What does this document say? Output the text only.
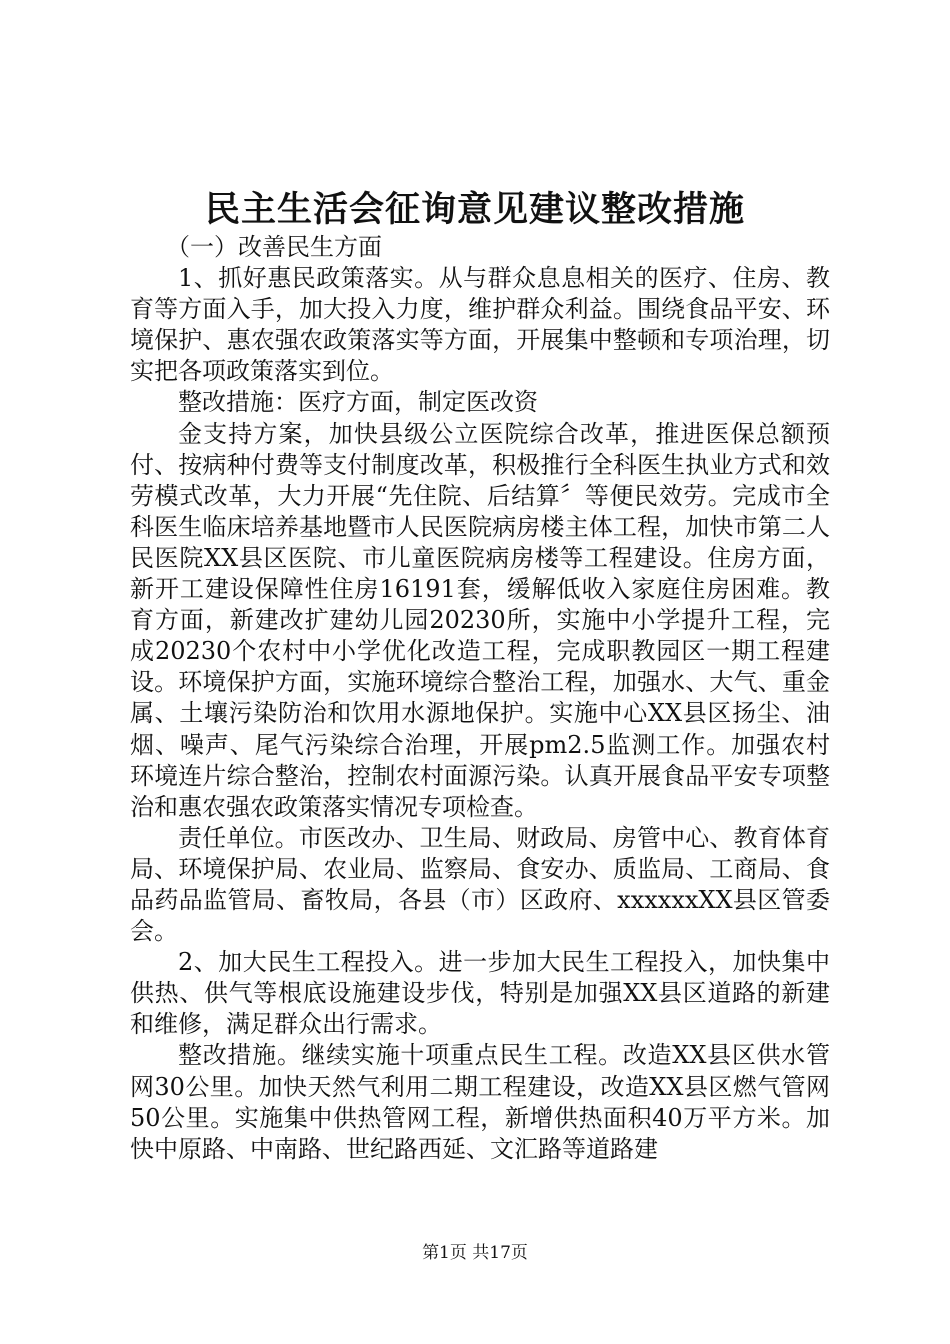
民主生活会征询意见建议整改措施

（一）改善民生方面

1、抓好惠民政策落实。从与群众息息相关的医疗、住房、教育等方面入手，加大投入力度，维护群众利益。围绕食品平安、环境保护、惠农强农政策落实等方面，开展集中整顿和专项治理，切实把各项政策落实到位。

整改措施：医疗方面，制定医改资

金支持方案，加快县级公立医院综合改革，推进医保总额预付、按病种付费等支付制度改革，积极推行全科医生执业方式和效劳模式改革，大力开展“先住院、后结算〞等便民效劳。完成市全科医生临床培养基地暨市人民医院病房楼主体工程，加快市第二人民医院XX县区医院、市儿童医院病房楼等工程建设。住房方面，新开工建设保障性住房16191套，缓解低收入家庭住房困难。教育方面，新建改扩建幼儿园20230所，实施中小学提升工程，完成20230个农村中小学优化改造工程，完成职教园区一期工程建设。环境保护方面，实施环境综合整治工程，加强水、大气、重金属、土壤污染防治和饮用水源地保护。实施中心XX县区扬尘、油烟、噪声、尾气污染综合治理，开展pm2.5监测工作。加强农村环境连片综合整治，控制农村面源污染。认真开展食品平安专项整治和惠农强农政策落实情况专项检查。

责任单位。市医改办、卫生局、财政局、房管中心、教育体育局、环境保护局、农业局、监察局、食安办、质监局、工商局、食品药品监管局、畜牧局，各县（市）区政府、xxxxxxXX县区管委会。

2、加大民生工程投入。进一步加大民生工程投入，加快集中供热、供气等根底设施建设步伐，特别是加强XX县区道路的新建和维修，满足群众出行需求。

整改措施。继续实施十项重点民生工程。改造XX县区供水管网30公里。加快天然气利用二期工程建设，改造XX县区燃气管网50公里。实施集中供热管网工程，新增供热面积40万平方米。加快中原路、中南路、世纪路西延、文汇路等道路建

第1页 共17页
